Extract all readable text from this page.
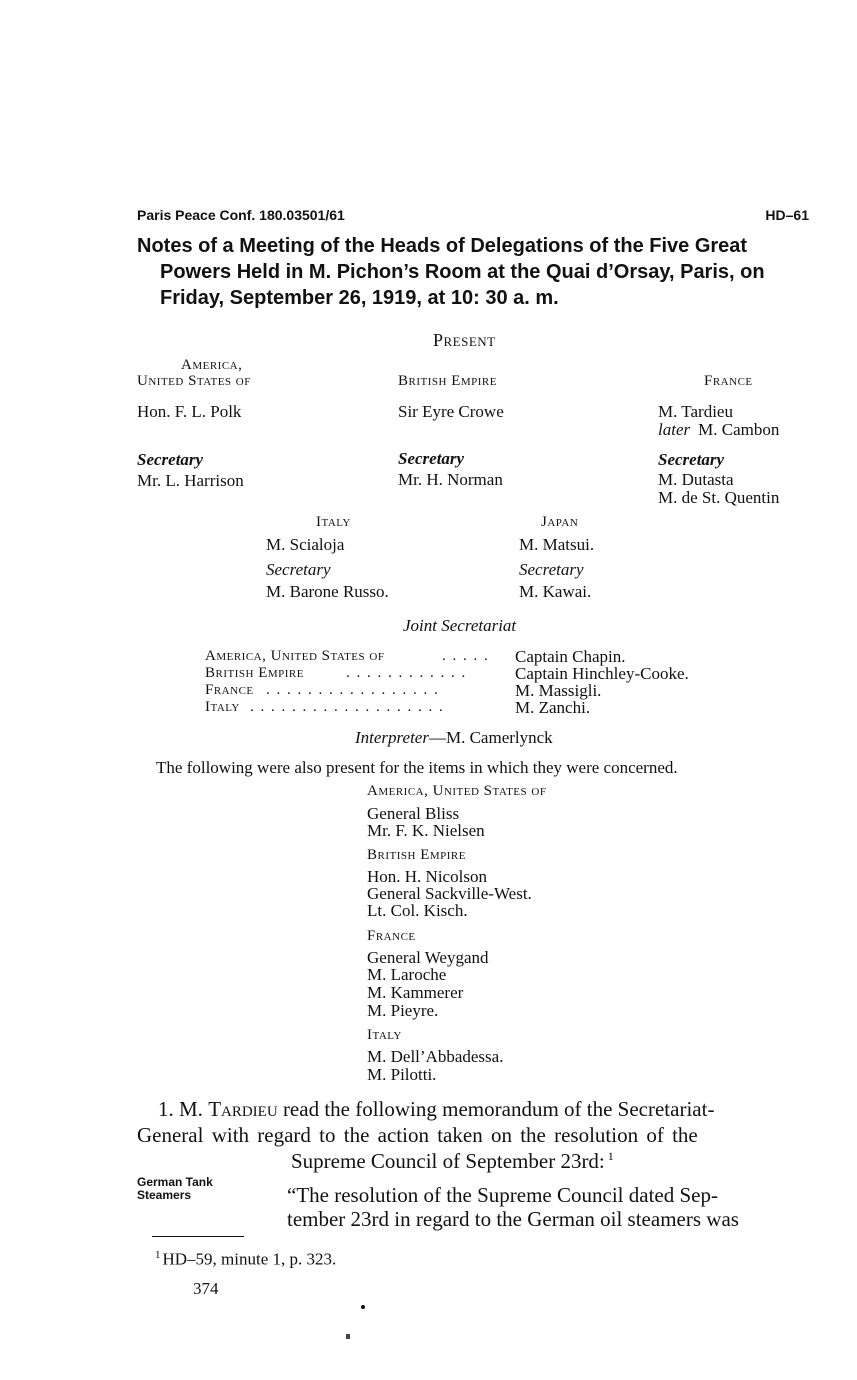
Paris Peace Conf. 180.03501/61	HD–61
Notes of a Meeting of the Heads of Delegations of the Five Great
Powers Held in M. Pichon’s Room at the Quai d’Orsay, Paris, on
Friday, September 26, 1919, at 10: 30 a. m.
Present
America,
United States of
Hon. F. L. Polk
Secretary
Mr. L. Harrison
British Empire
Sir Eyre Crowe
Secretary
Mr. H. Norman
France
M. Tardieu
later M. Cambon
Secretary
M. Dutasta
M. de St. Quentin
Italy
M. Scialoja
Secretary
M. Barone Russo.
Japan
M. Matsui.
Secretary
M. Kawai.
Joint Secretariat
America, United States of	. . . . . Captain Chapin.
British Empire	. . . . . . . . . . . .	Captain Hinchley-Cooke.
France . . . . . . . . . . . . . . . . .	M. Massigli.
Italy . . . . . . . . . . . . . . . . . . .	M. Zanchi.
Interpreter—M. Camerlynck
The following were also present for the items in which they were concerned.
America, United States of
General Bliss
Mr. F. K. Nielsen
British Empire
Hon. H. Nicolson
General Sackville-West.
Lt. Col. Kisch.
France
General Weygand
M. Laroche
M. Kammerer
M. Pieyre.
Italy
M. Dell’Abbadessa.
M. Pilotti.
1. M. Tardieu read the following memorandum of the Secretariat-
General with regard to the action taken on the resolution of the
Supreme Council of September 23rd: $^1$
German Tank
Steamers	“The resolution of the Supreme Council dated Sep-
tember 23rd in regard to the German oil steamers was
$^1$ HD–59, minute 1, p. 323.
374
